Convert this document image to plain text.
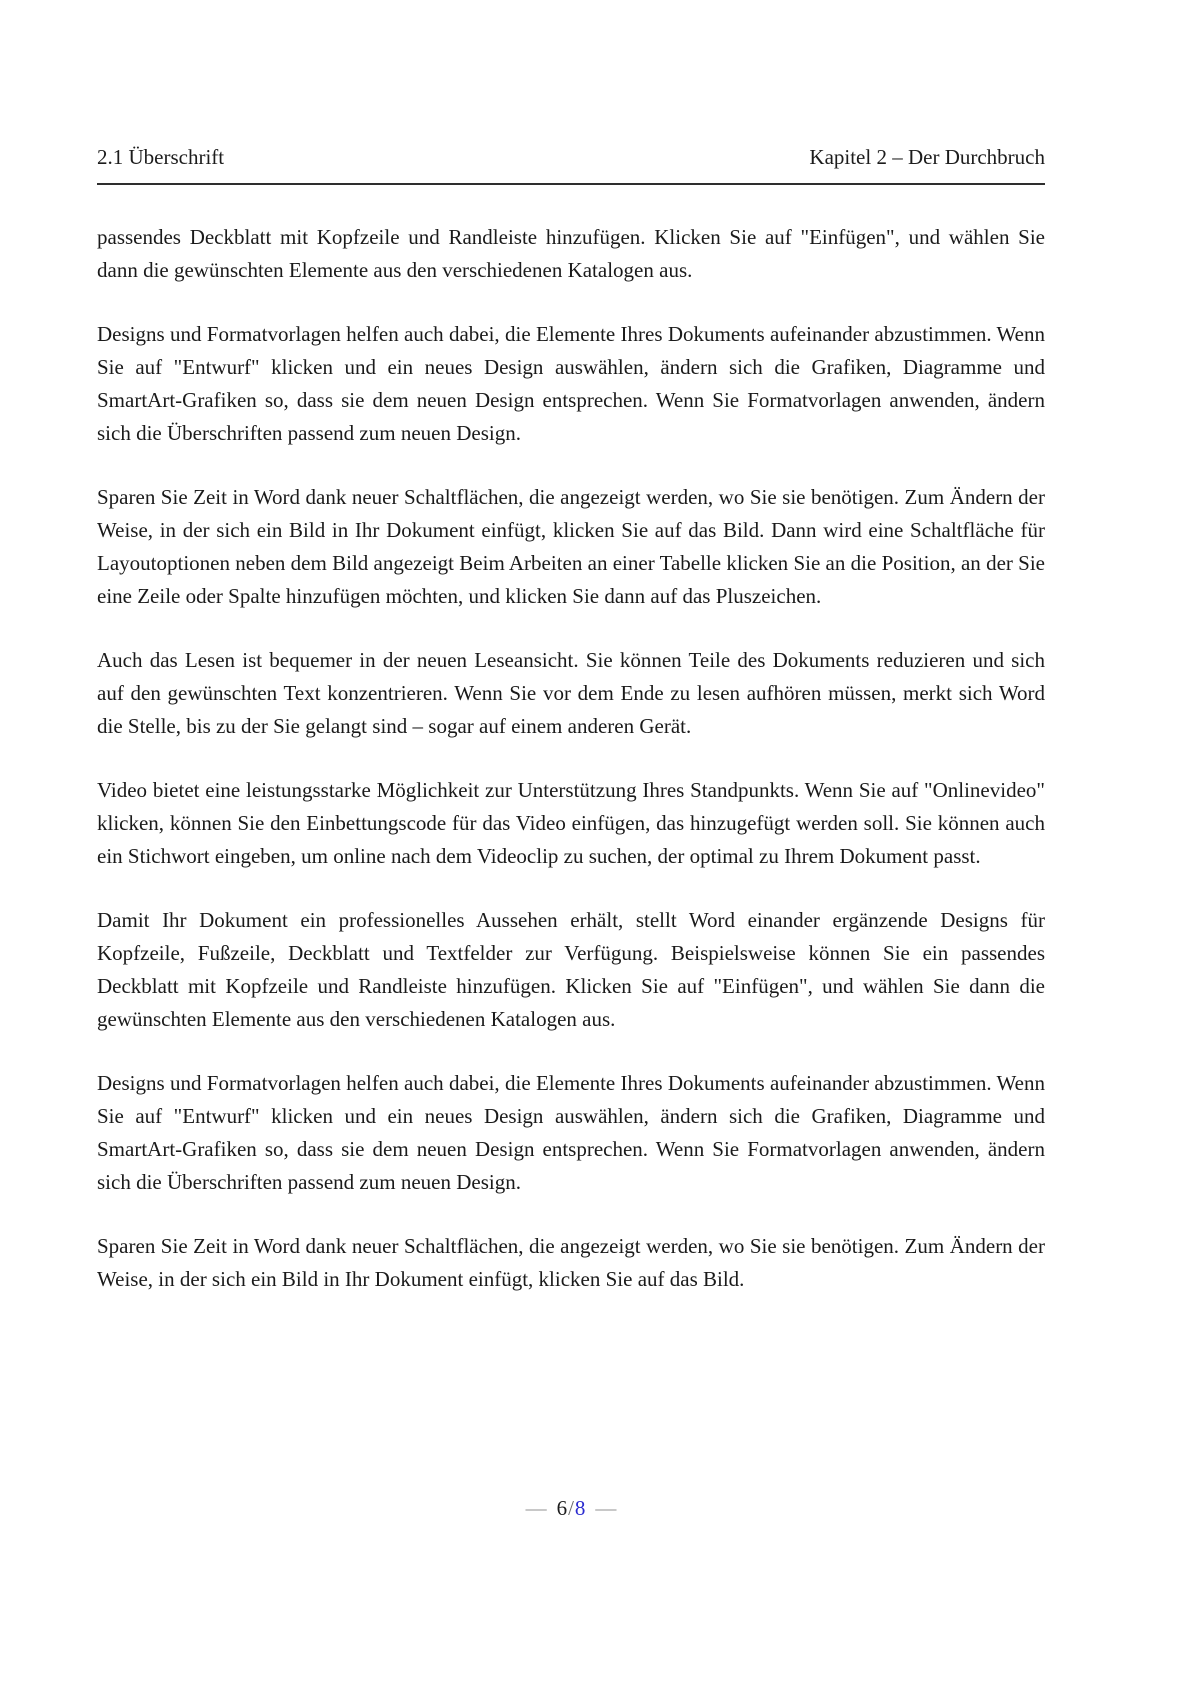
2.1 Überschrift	Kapitel 2 – Der Durchbruch

passendes Deckblatt mit Kopfzeile und Randleiste hinzufügen. Klicken Sie auf "Einfügen", und wählen Sie dann die gewünschten Elemente aus den verschiedenen Katalogen aus.

Designs und Formatvorlagen helfen auch dabei, die Elemente Ihres Dokuments aufeinander abzustimmen. Wenn Sie auf "Entwurf" klicken und ein neues Design auswählen, ändern sich die Grafiken, Diagramme und SmartArt-Grafiken so, dass sie dem neuen Design entsprechen. Wenn Sie Formatvorlagen anwenden, ändern sich die Überschriften passend zum neuen Design.

Sparen Sie Zeit in Word dank neuer Schaltflächen, die angezeigt werden, wo Sie sie benötigen. Zum Ändern der Weise, in der sich ein Bild in Ihr Dokument einfügt, klicken Sie auf das Bild. Dann wird eine Schaltfläche für Layoutoptionen neben dem Bild angezeigt Beim Arbeiten an einer Tabelle klicken Sie an die Position, an der Sie eine Zeile oder Spalte hinzufügen möchten, und klicken Sie dann auf das Pluszeichen.

Auch das Lesen ist bequemer in der neuen Leseansicht. Sie können Teile des Dokuments reduzieren und sich auf den gewünschten Text konzentrieren. Wenn Sie vor dem Ende zu lesen aufhören müssen, merkt sich Word die Stelle, bis zu der Sie gelangt sind – sogar auf einem anderen Gerät.

Video bietet eine leistungsstarke Möglichkeit zur Unterstützung Ihres Standpunkts. Wenn Sie auf "Onlinevideo" klicken, können Sie den Einbettungscode für das Video einfügen, das hinzugefügt werden soll. Sie können auch ein Stichwort eingeben, um online nach dem Videoclip zu suchen, der optimal zu Ihrem Dokument passt.

Damit Ihr Dokument ein professionelles Aussehen erhält, stellt Word einander ergänzende Designs für Kopfzeile, Fußzeile, Deckblatt und Textfelder zur Verfügung. Beispielsweise können Sie ein passendes Deckblatt mit Kopfzeile und Randleiste hinzufügen. Klicken Sie auf "Einfügen", und wählen Sie dann die gewünschten Elemente aus den verschiedenen Katalogen aus.

Designs und Formatvorlagen helfen auch dabei, die Elemente Ihres Dokuments aufeinander abzustimmen. Wenn Sie auf "Entwurf" klicken und ein neues Design auswählen, ändern sich die Grafiken, Diagramme und SmartArt-Grafiken so, dass sie dem neuen Design entsprechen. Wenn Sie Formatvorlagen anwenden, ändern sich die Überschriften passend zum neuen Design.

Sparen Sie Zeit in Word dank neuer Schaltflächen, die angezeigt werden, wo Sie sie benötigen. Zum Ändern der Weise, in der sich ein Bild in Ihr Dokument einfügt, klicken Sie auf das Bild.

— 6/8 —
